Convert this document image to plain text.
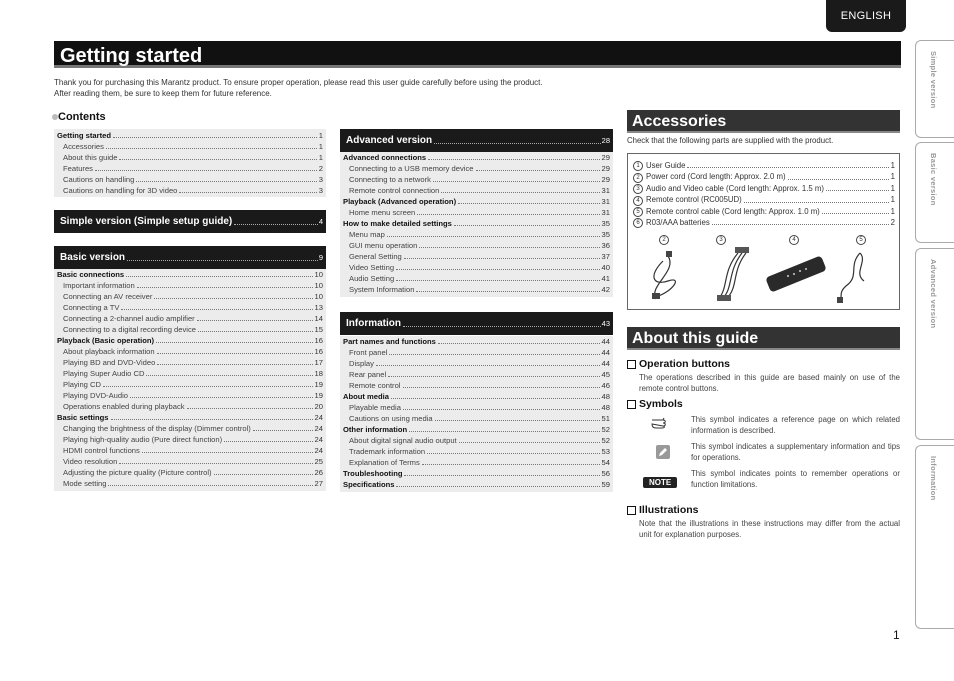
ENGLISH
Getting started
Thank you for purchasing this Marantz product. To ensure proper operation, please read this user guide carefully before using the product.
After reading them, be sure to keep them for future reference.
Contents
Getting started	1
Accessories	1
About this guide	1
Features	2
Cautions on handling	3
Cautions on handling for 3D video	3
Simple version (Simple setup guide)	4
Basic version	9
Basic connections	10
Important information	10
Connecting an AV receiver	10
Connecting a TV	13
Connecting a 2-channel audio amplifier	14
Connecting to a digital recording device	15
Playback (Basic operation)	16
About playback information	16
Playing BD and DVD-Video	17
Playing Super Audio CD	18
Playing CD	19
Playing DVD-Audio	19
Operations enabled during playback	20
Basic settings	24
Changing the brightness of the display (Dimmer control)	24
Playing high-quality audio (Pure direct function)	24
HDMI control functions	24
Video resolution	25
Adjusting the picture quality (Picture control)	26
Mode setting	27
Advanced version	28
Advanced connections	29
Connecting to a USB memory device	29
Connecting to a network	29
Remote control connection	31
Playback (Advanced operation)	31
Home menu screen	31
How to make detailed settings	35
Menu map	35
GUI menu operation	36
General Setting	37
Video Setting	40
Audio Setting	41
System Information	42
Information	43
Part names and functions	44
Front panel	44
Display	44
Rear panel	45
Remote control	46
About media	48
Playable media	48
Cautions on using media	51
Other information	52
About digital signal audio output	52
Trademark information	53
Explanation of Terms	54
Troubleshooting	56
Specifications	59
Accessories
Check that the following parts are supplied with the product.
1 User Guide	1
2 Power cord (Cord length: Approx. 2.0 m)	1
3 Audio and Video cable (Cord length: Approx. 1.5 m)	1
4 Remote control (RC005UD)	1
5 Remote control cable (Cord length: Approx. 1.0 m)	1
6 R03/AAA batteries	2
2	3	4	5
About this guide
Operation buttons
The operations described in this guide are based mainly on use of the remote control buttons.
Symbols
This symbol indicates a reference page on which related information is described.
This symbol indicates a supplementary information and tips for operations.
NOTE
This symbol indicates points to remember operations or function limitations.
Illustrations
Note that the illustrations in these instructions may differ from the actual unit for explanation purposes.
Simple version
Basic version
Advanced version
Information
1
